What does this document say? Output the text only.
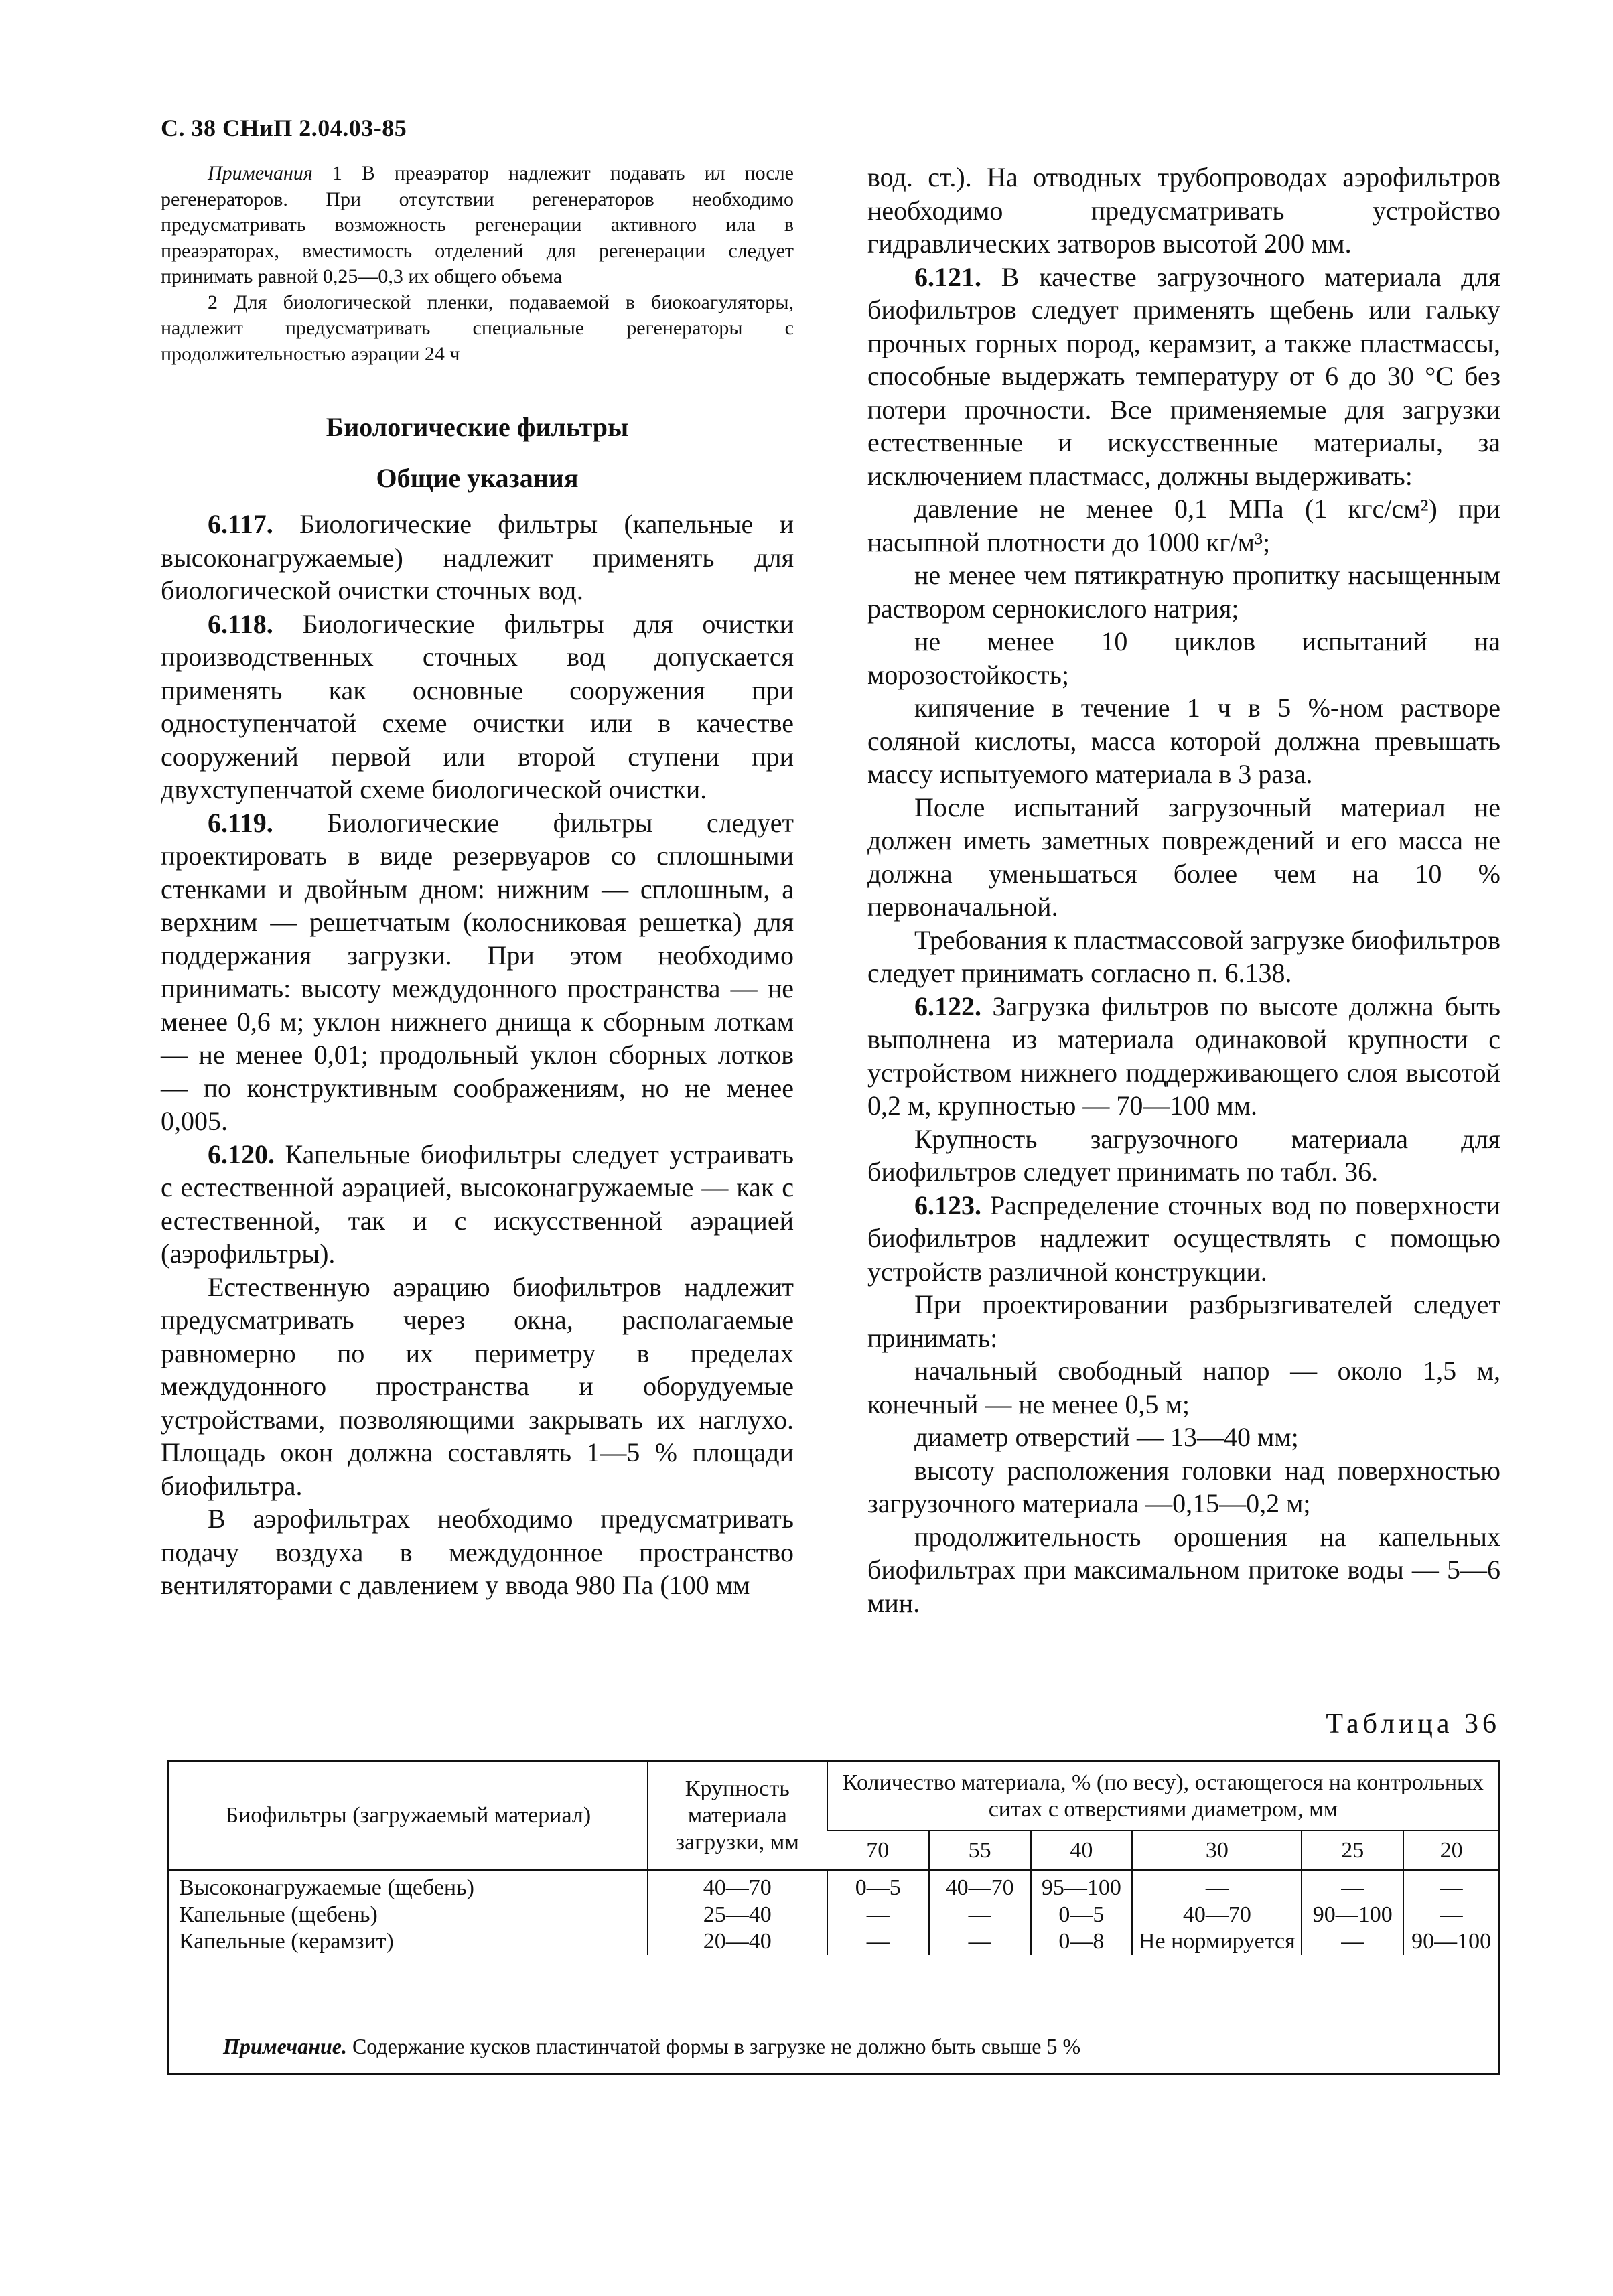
С. 38 СНиП 2.04.03-85

Примечания 1 В преаэратор надлежит подавать ил после регенераторов. При отсутствии регенераторов необходимо предусматривать возможность регенерации активного ила в преаэраторах, вместимость отделений для регенерации следует принимать равной 0,25—0,3 их общего объема

2 Для биологической пленки, подаваемой в биокоагуляторы, надлежит предусматривать специальные регенераторы с продолжительностью аэрации 24 ч

Биологические фильтры
Общие указания

6.117. Биологические фильтры (капельные и высоконагружаемые) надлежит применять для биологической очистки сточных вод.

6.118. Биологические фильтры для очистки производственных сточных вод допускается применять как основные сооружения при одноступенчатой схеме очистки или в качестве сооружений первой или второй ступени при двухступенчатой схеме биологической очистки.

6.119. Биологические фильтры следует проектировать в виде резервуаров со сплошными стенками и двойным дном: нижним — сплошным, а верхним — решетчатым (колосниковая решетка) для поддержания загрузки. При этом необходимо принимать: высоту междудонного пространства — не менее 0,6 м; уклон нижнего днища к сборным лоткам — не менее 0,01; продольный уклон сборных лотков — по конструктивным соображениям, но не менее 0,005.

6.120. Капельные биофильтры следует устраивать с естественной аэрацией, высоконагружаемые — как с естественной, так и с искусственной аэрацией (аэрофильтры).

Естественную аэрацию биофильтров надлежит предусматривать через окна, располагаемые равномерно по их периметру в пределах междудонного пространства и оборудуемые устройствами, позволяющими закрывать их наглухо. Площадь окон должна составлять 1—5 % площади биофильтра.

В аэрофильтрах необходимо предусматривать подачу воздуха в междудонное пространство вентиляторами с давлением у ввода 980 Па (100 мм

вод. ст.). На отводных трубопроводах аэрофильтров необходимо предусматривать устройство гидравлических затворов высотой 200 мм.

6.121. В качестве загрузочного материала для биофильтров следует применять щебень или гальку прочных горных пород, керамзит, а также пластмассы, способные выдержать температуру от 6 до 30 °С без потери прочности. Все применяемые для загрузки естественные и искусственные материалы, за исключением пластмасс, должны выдерживать:

давление не менее 0,1 МПа (1 кгс/см²) при насыпной плотности до 1000 кг/м³;

не менее чем пятикратную пропитку насыщенным раствором сернокислого натрия;

не менее 10 циклов испытаний на морозостойкость;

кипячение в течение 1 ч в 5 %-ном растворе соляной кислоты, масса которой должна превышать массу испытуемого материала в 3 раза.

После испытаний загрузочный материал не должен иметь заметных повреждений и его масса не должна уменьшаться более чем на 10 % первоначальной.

Требования к пластмассовой загрузке биофильтров следует принимать согласно п. 6.138.

6.122. Загрузка фильтров по высоте должна быть выполнена из материала одинаковой крупности с устройством нижнего поддерживающего слоя высотой 0,2 м, крупностью — 70—100 мм.

Крупность загрузочного материала для биофильтров следует принимать по табл. 36.

6.123. Распределение сточных вод по поверхности биофильтров надлежит осуществлять с помощью устройств различной конструкции.

При проектировании разбрызгивателей следует принимать:

начальный свободный напор — около 1,5 м, конечный — не менее 0,5 м;

диаметр отверстий — 13—40 мм;

высоту расположения головки над поверхностью загрузочного материала —0,15—0,2 м;

продолжительность орошения на капельных биофильтрах при максимальном притоке воды — 5—6 мин.

Таблица 36
Биофильтры (загружаемый материал)	Крупность материала загрузки, мм	Количество материала, % (по весу), остающегося на контрольных ситах с отверстиями диаметром, мм					
		70	55	40	30	25	20
Высоконагружаемые (щебень)	40—70	0—5	40—70	95—100	—	—	—
Капельные (щебень)	25—40	—	—	0—5	40—70	90—100	—
Капельные (керамзит)	20—40	—	—	0—8	Не нормируется	—	90—100
Примечание. Содержание кусков пластинчатой формы в загрузке не должно быть свыше 5 %
